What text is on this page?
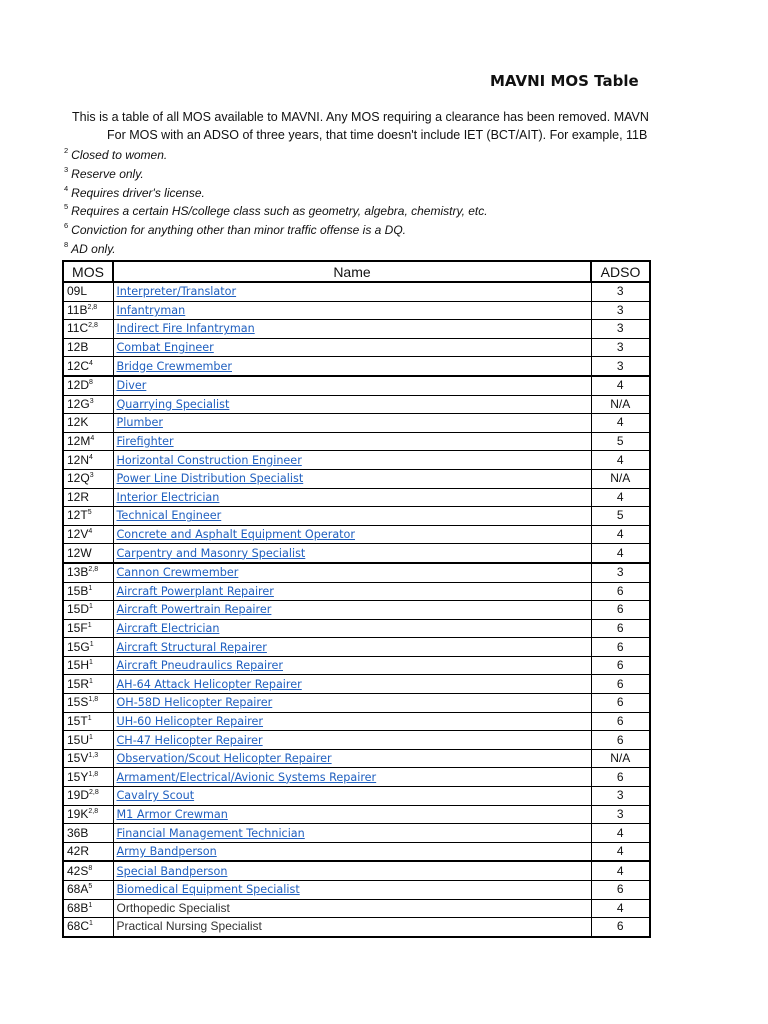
MAVNI MOS Table
This is a table of all MOS available to MAVNI. Any MOS requiring a clearance has been removed. MAVN
For MOS with an ADSO of three years, that time doesn't include IET (BCT/AIT). For example, 11B
$^2$ Closed to women.
$^3$ Reserve only.
$^4$ Requires driver's license.
$^5$ Requires a certain HS/college class such as geometry, algebra, chemistry, etc.
$^6$ Conviction for anything other than minor traffic offense is a DQ.
$^8$ AD only.
MOS	Name	ADSO
09L	Interpreter/Translator	3
$11B^{2,8}$	Infantryman	3
$11C^{2,8}$	Indirect Fire Infantryman	3
12B	Combat Engineer	3
$12C^4$	Bridge Crewmember	3
$12D^8$	Diver	4
$12G^3$	Quarrying Specialist	N/A
12K	Plumber	4
$12M^4$	Firefighter	5
$12N^4$	Horizontal Construction Engineer	4
$12Q^3$	Power Line Distribution Specialist	N/A
12R	Interior Electrician	4
$12T^5$	Technical Engineer	5
$12V^4$	Concrete and Asphalt Equipment Operator	4
12W	Carpentry and Masonry Specialist	4
$13B^{2,8}$	Cannon Crewmember	3
$15B^1$	Aircraft Powerplant Repairer	6
$15D^1$	Aircraft Powertrain Repairer	6
$15F^1$	Aircraft Electrician	6
$15G^1$	Aircraft Structural Repairer	6
$15H^1$	Aircraft Pneudraulics Repairer	6
$15R^1$	AH-64 Attack Helicopter Repairer	6
$15S^{1,8}$	OH-58D Helicopter Repairer	6
$15T^1$	UH-60 Helicopter Repairer	6
$15U^1$	CH-47 Helicopter Repairer	6
$15V^{1,3}$	Observation/Scout Helicopter Repairer	N/A
$15Y^{1,8}$	Armament/Electrical/Avionic Systems Repairer	6
$19D^{2,8}$	Cavalry Scout	3
$19K^{2,8}$	M1 Armor Crewman	3
36B	Financial Management Technician	4
42R	Army Bandperson	4
$42S^8$	Special Bandperson	4
$68A^5$	Biomedical Equipment Specialist	6
$68B^1$	Orthopedic Specialist	4
$68C^1$	Practical Nursing Specialist	6
